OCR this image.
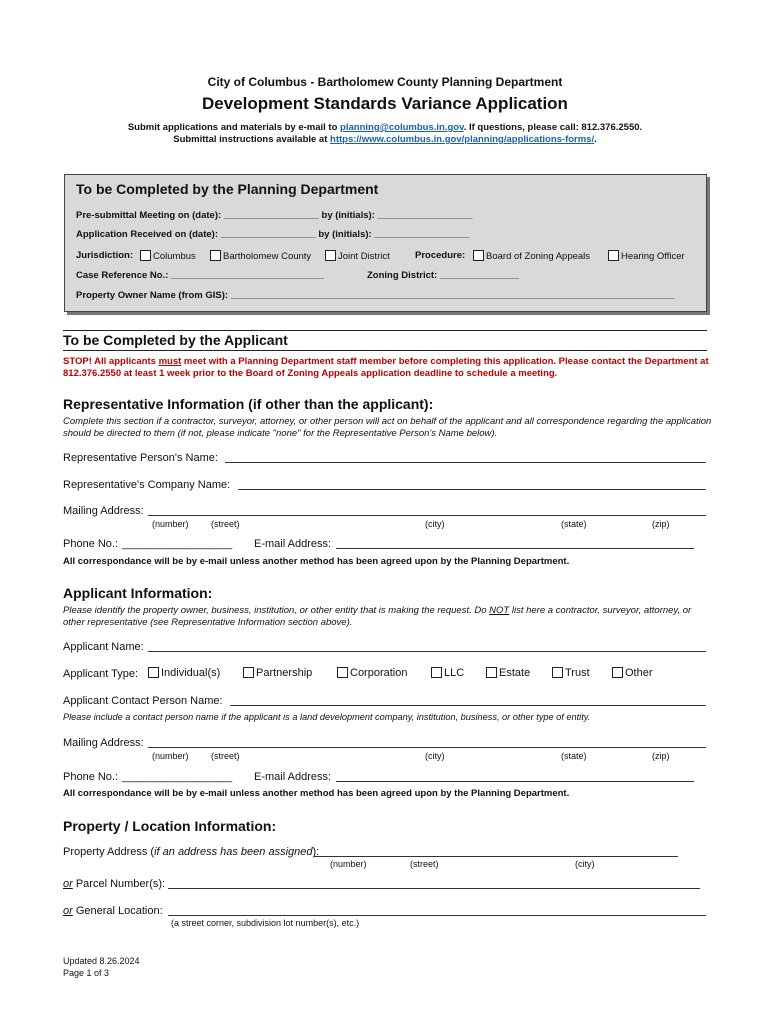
City of Columbus - Bartholomew County Planning Department
Development Standards Variance Application
Submit applications and materials by e-mail to planning@columbus.in.gov. If questions, please call: 812.376.2550.
Submittal instructions available at https://www.columbus.in.gov/planning/applications-forms/.
To be Completed by the Planning Department
Pre-submittal Meeting on (date): __________________ by (initials): __________________
Application Received on (date): __________________ by (initials): __________________
Jurisdiction:	Columbus	Bartholomew County	Joint District	Procedure:	Board of Zoning Appeals	Hearing Officer
Case Reference No.: _____________________________	Zoning District: _______________
Property Owner Name (from GIS): ____________________________________________________________________________________
To be Completed by the Applicant
STOP! All applicants must meet with a Planning Department staff member before completing this application. Please contact the Department at 812.376.2550 at least 1 week prior to the Board of Zoning Appeals application deadline to schedule a meeting.
Representative Information (if other than the applicant):
Complete this section if a contractor, surveyor, attorney, or other person will act on behalf of the applicant and all correspondence regarding the application should be directed to them (if not, please indicate "none" for the Representative Person's Name below).
Representative Person's Name:
Representative's Company Name:
Mailing Address:
(number) (street)	(city)	(state)	(zip)
Phone No.: __________________ E-mail Address:
All correspondance will be by e-mail unless another method has been agreed upon by the Planning Department.
Applicant Information:
Please identify the property owner, business, institution, or other entity that is making the request. Do NOT list here a contractor, surveyor, attorney, or other representative (see Representative Information section above).
Applicant Name:
Applicant Type:	Individual(s)	Partnership	Corporation	LLC	Estate	Trust	Other
Applicant Contact Person Name:
Please include a contact person name if the applicant is a land development company, institution, business, or other type of entity.
Mailing Address:
(number) (street)	(city)	(state)	(zip)
Phone No.: __________________ E-mail Address:
All correspondance will be by e-mail unless another method has been agreed upon by the Planning Department.
Property / Location Information:
Property Address (if an address has been assigned):
(number)	(street)	(city)
or Parcel Number(s):
or General Location:
(a street corner, subdivision lot number(s), etc.)
Updated 8.26.2024
Page 1 of 3
